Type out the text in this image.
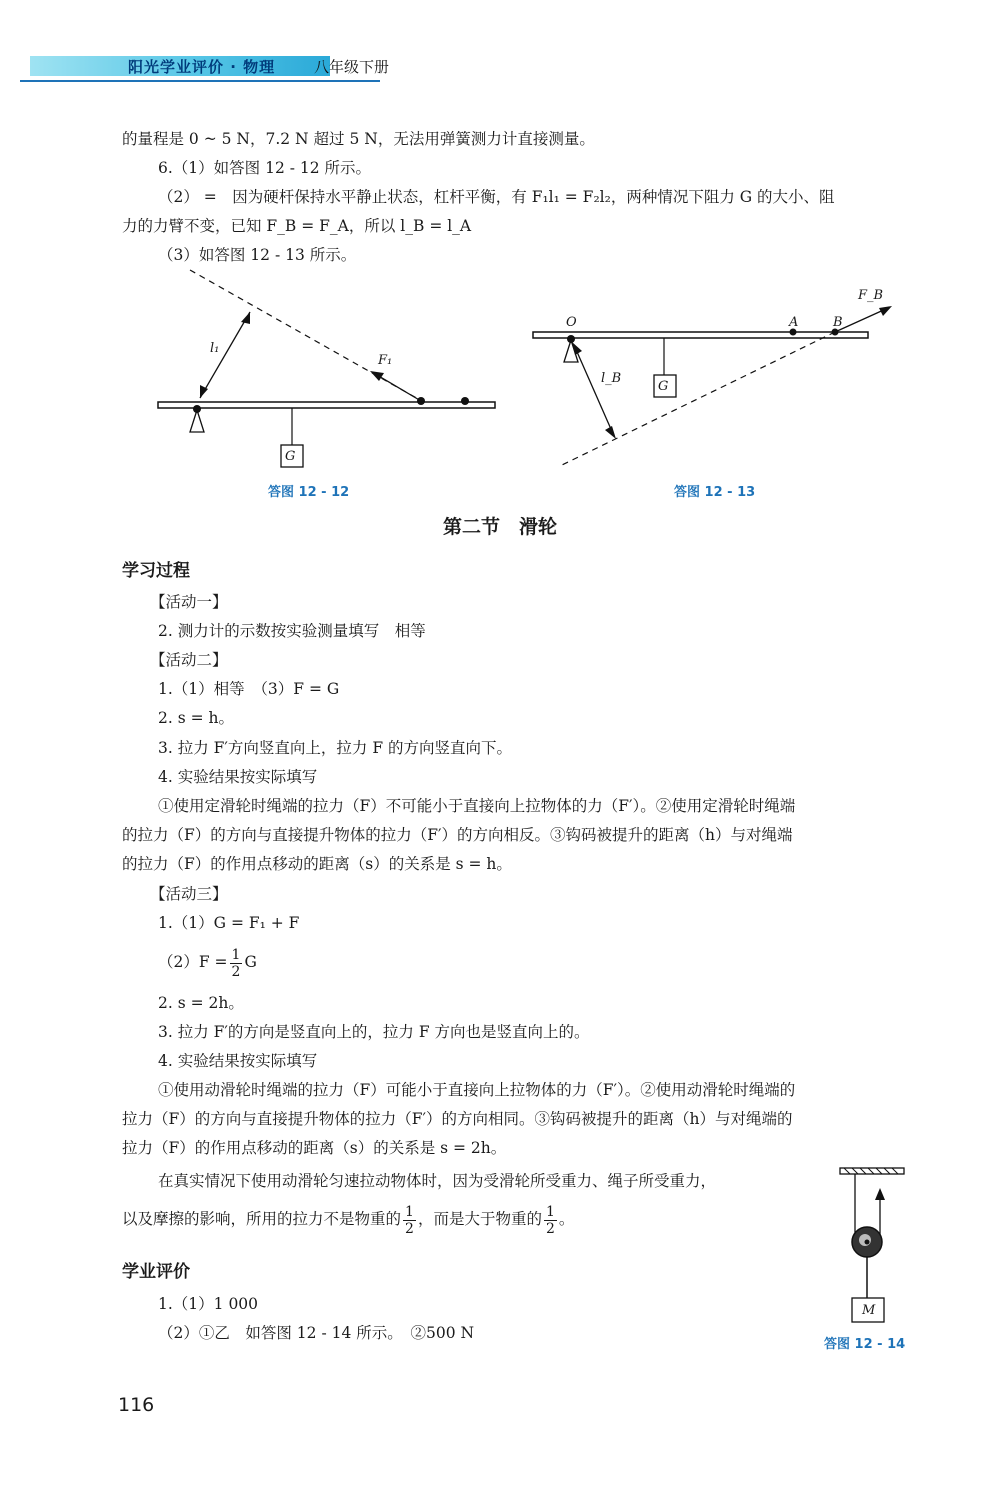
阳光学业评价 · 物理	八年级下册
的量程是 0 ~ 5 N，7.2 N 超过 5 N，无法用弹簧测力计直接测量。
6.（1）如答图 12 - 12 所示。
（2） =　因为硬杆保持水平静止状态，杠杆平衡，有 F₁l₁ = F₂l₂，两种情况下阻力 G 的大小、阻
力的力臂不变，已知 F_B = F_A，所以 l_B = l_A
（3）如答图 12 - 13 所示。
l₁
F₁
G
答图 12 - 12
O	A	B
F_B
l_B
G
答图 12 - 13
第二节　滑轮
学习过程
【活动一】
2. 测力计的示数按实验测量填写　相等
【活动二】
1.（1）相等　（3）F = G
2. s = h。
3. 拉力 F′方向竖直向上，拉力 F 的方向竖直向下。
4. 实验结果按实际填写
①使用定滑轮时绳端的拉力（F）不可能小于直接向上拉物体的力（F′）。②使用定滑轮时绳端
的拉力（F）的方向与直接提升物体的拉力（F′）的方向相反。③钩码被提升的距离（h）与对绳端
的拉力（F）的作用点移动的距离（s）的关系是 s = h。
【活动三】
1.（1）G = F₁ + F
$(2)F = \frac{1}{2}$ G
2. s = 2h。
3. 拉力 F′的方向是竖直向上的，拉力 F 方向也是竖直向上的。
4. 实验结果按实际填写
①使用动滑轮时绳端的拉力（F）可能小于直接向上拉物体的力（F′）。②使用动滑轮时绳端的
拉力（F）的方向与直接提升物体的拉力（F′）的方向相同。③钩码被提升的距离（h）与对绳端的
拉力（F）的作用点移动的距离（s）的关系是 s = 2h。
在真实情况下使用动滑轮匀速拉动物体时，因为受滑轮所受重力、绳子所受重力，
以及摩擦的影响，所用的拉力不是物重的 $\frac{1}{2}$ ，而是大于物重的 $\frac{1}{2}$ 。
M
答图 12 - 14
学业评价
1.（1）1 000
（2）①乙　如答图 12 - 14 所示。　②500 N
116
